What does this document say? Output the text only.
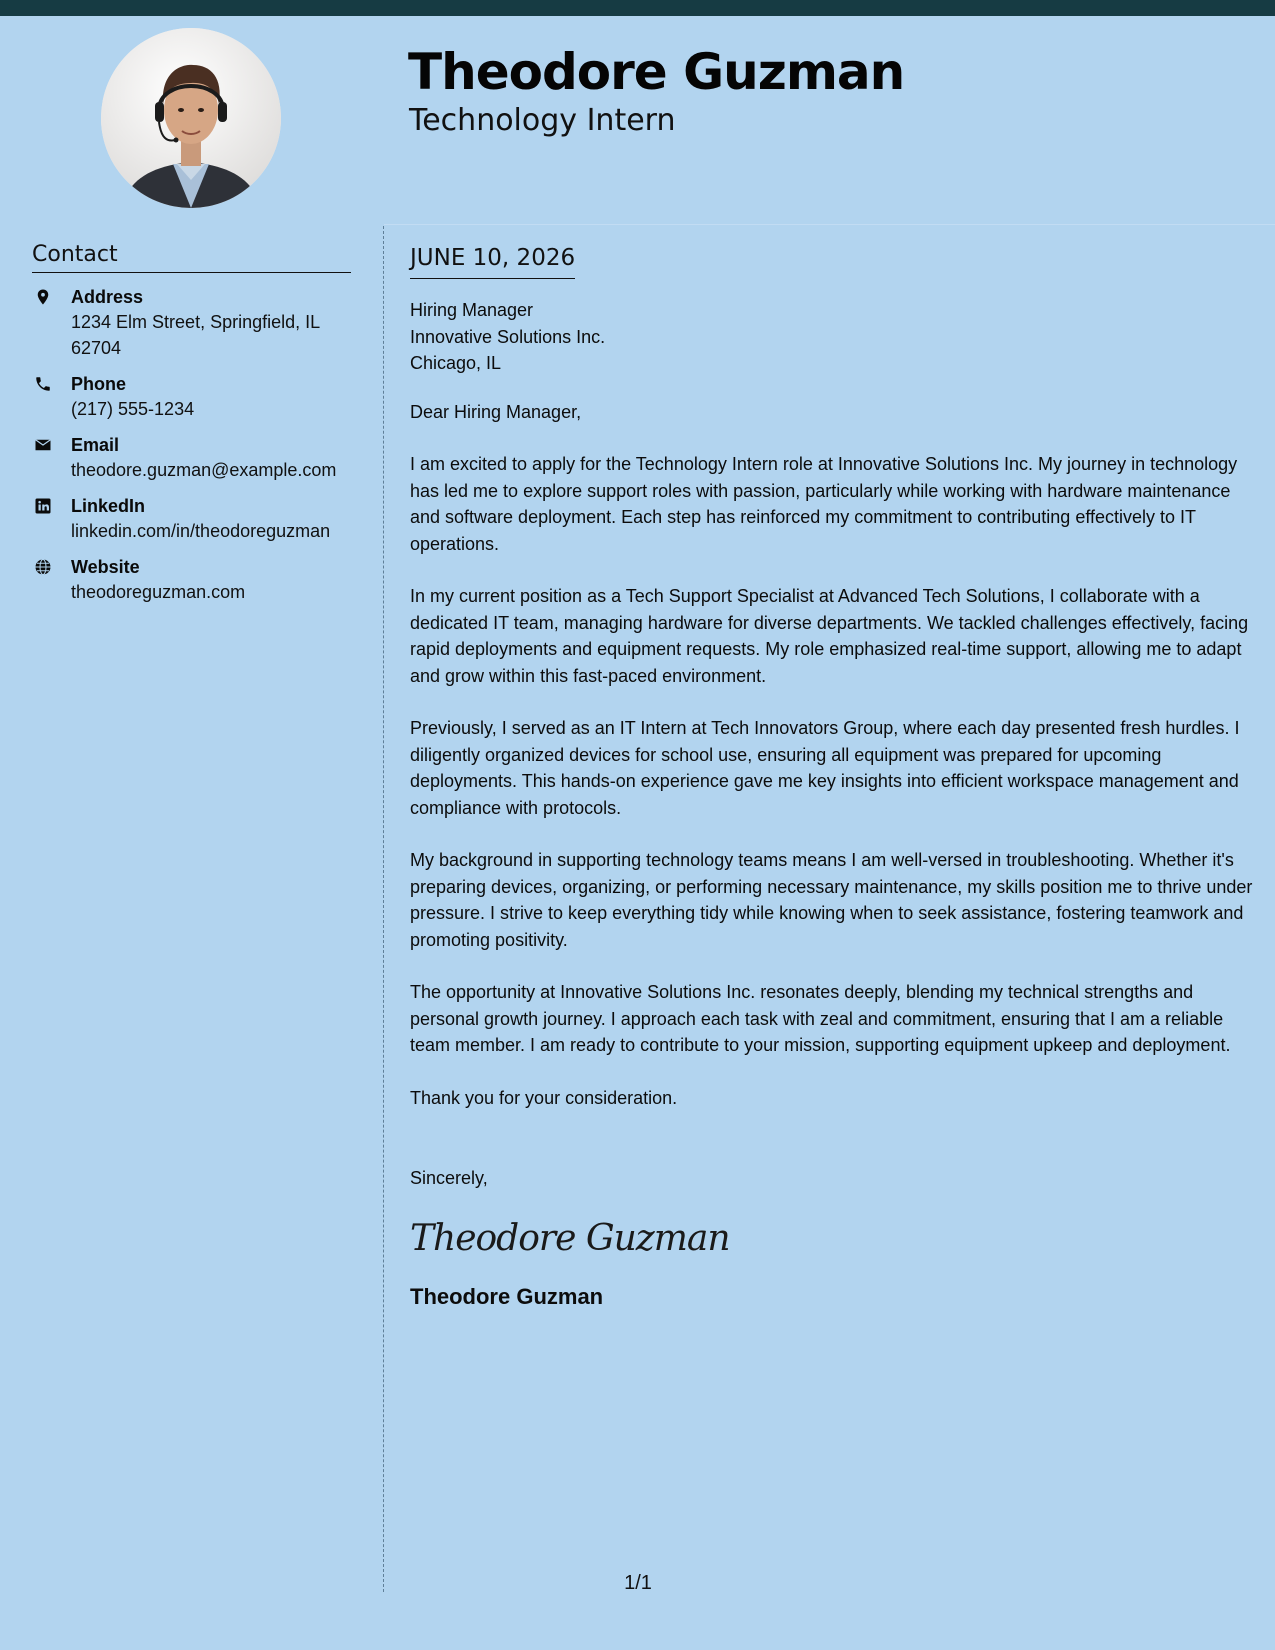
Theodore Guzman
Technology Intern
Contact
Address
1234 Elm Street, Springfield, IL 62704
Phone
(217) 555-1234
Email
theodore.guzman@example.com
LinkedIn
linkedin.com/in/theodoreguzman
Website
theodoreguzman.com
JUNE 10, 2026
Hiring Manager
Innovative Solutions Inc.
Chicago, IL
Dear Hiring Manager,

I am excited to apply for the Technology Intern role at Innovative Solutions Inc. My journey in technology has led me to explore support roles with passion, particularly while working with hardware maintenance and software deployment. Each step has reinforced my commitment to contributing effectively to IT operations.

In my current position as a Tech Support Specialist at Advanced Tech Solutions, I collaborate with a dedicated IT team, managing hardware for diverse departments. We tackled challenges effectively, facing rapid deployments and equipment requests. My role emphasized real-time support, allowing me to adapt and grow within this fast-paced environment.

Previously, I served as an IT Intern at Tech Innovators Group, where each day presented fresh hurdles. I diligently organized devices for school use, ensuring all equipment was prepared for upcoming deployments. This hands-on experience gave me key insights into efficient workspace management and compliance with protocols.

My background in supporting technology teams means I am well-versed in troubleshooting. Whether it's preparing devices, organizing, or performing necessary maintenance, my skills position me to thrive under pressure. I strive to keep everything tidy while knowing when to seek assistance, fostering teamwork and promoting positivity.

The opportunity at Innovative Solutions Inc. resonates deeply, blending my technical strengths and personal growth journey. I approach each task with zeal and commitment, ensuring that I am a reliable team member. I am ready to contribute to your mission, supporting equipment upkeep and deployment.

Thank you for your consideration.

Sincerely,
Theodore Guzman
Theodore Guzman
1/1
